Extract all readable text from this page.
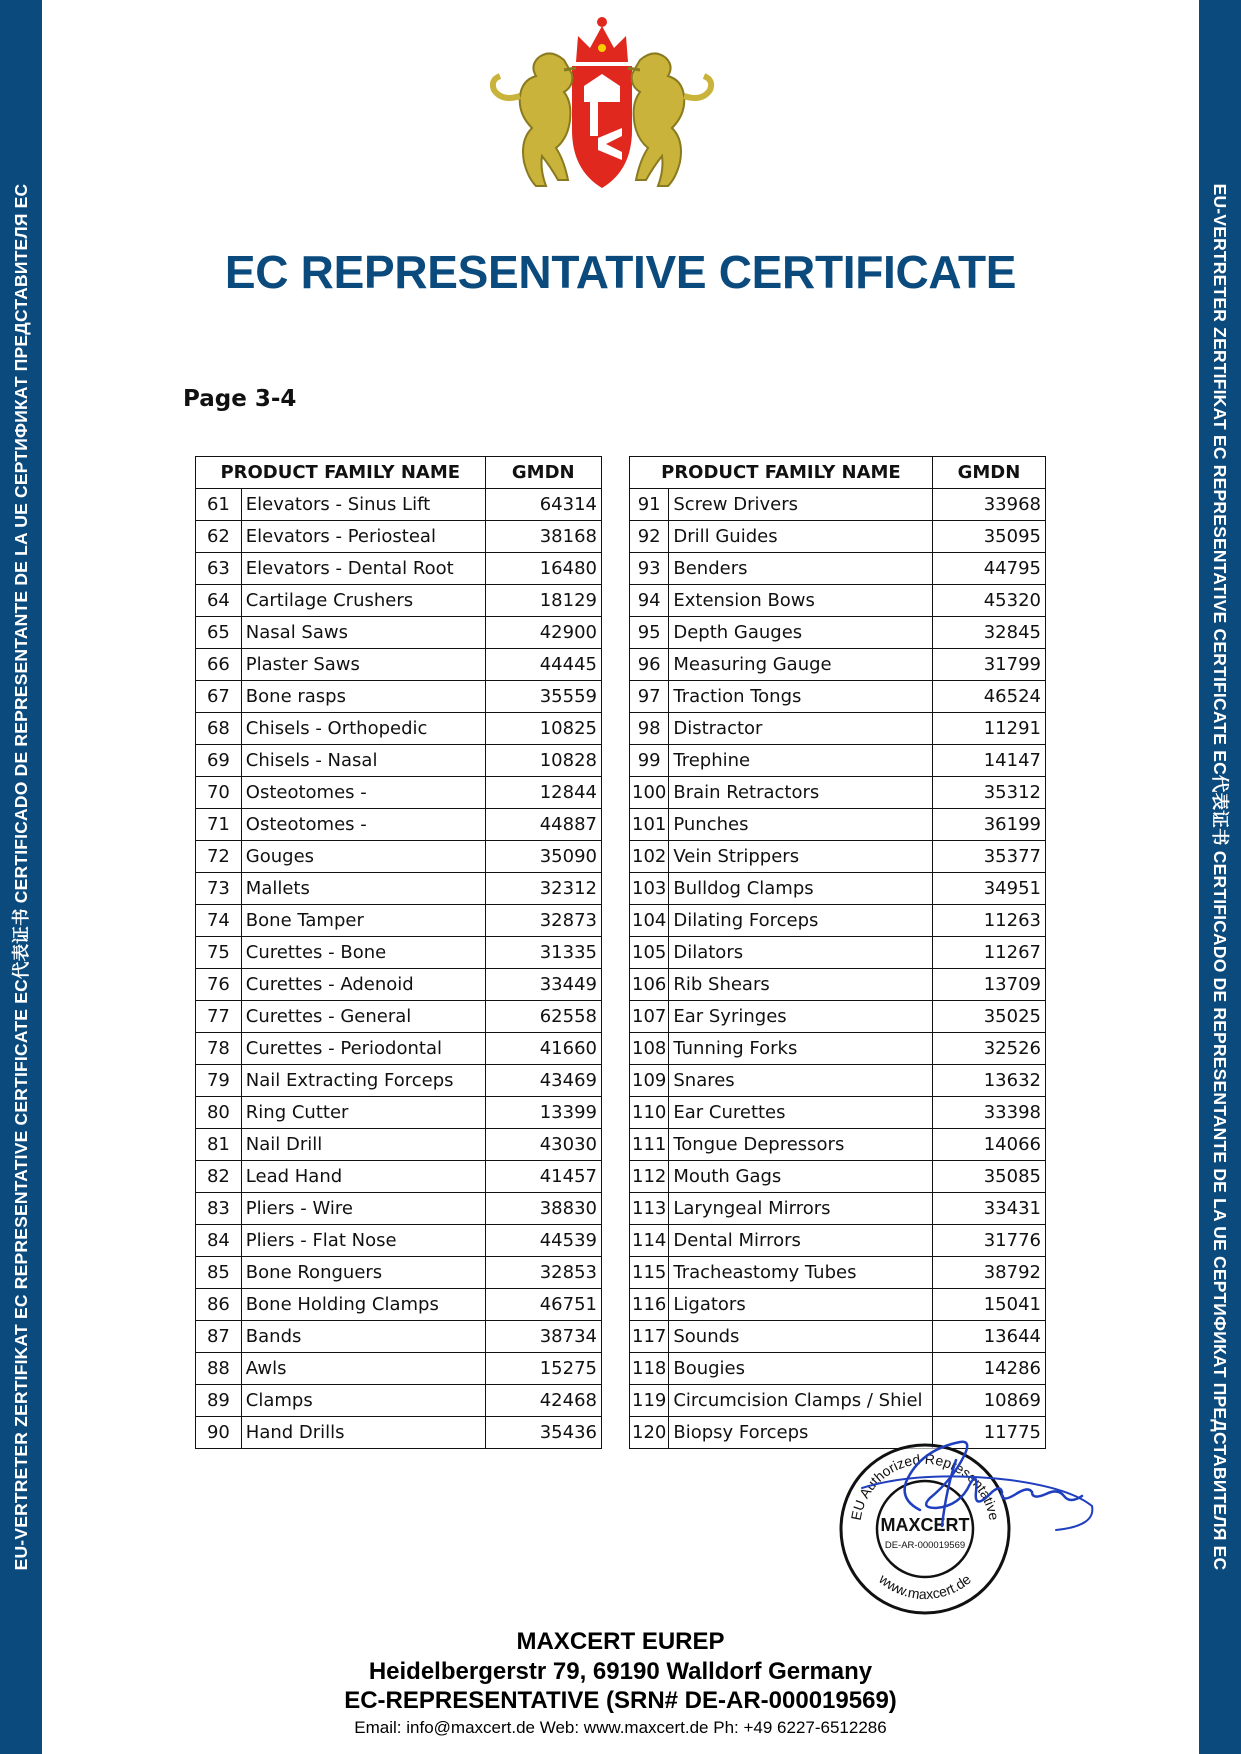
EU-VERTRETER ZERTIFIKAT EC REPRESENTATIVE CERTIFICATE EC代表证书 CERTIFICADO DE REPRESENTANTE DE LA UE СЕРТИФИКАТ ПРЕДСТАВИТЕЛЯ EC	EU-VERTRETER ZERTIFIKAT EC REPRESENTATIVE CERTIFICATE EC代表证书 CERTIFICADO DE REPRESENTANTE DE LA UE СЕРТИФИКАТ ПРЕДСТАВИТЕЛЯ EC
EC REPRESENTATIVE CERTIFICATE
Page 3-4
PRODUCT FAMILY NAME		GMDN
61	Elevators - Sinus Lift	64314
62	Elevators - Periosteal	38168
63	Elevators - Dental Root	16480
64	Cartilage Crushers	18129
65	Nasal Saws	42900
66	Plaster Saws	44445
67	Bone rasps	35559
68	Chisels - Orthopedic	10825
69	Chisels - Nasal	10828
70	Osteotomes -	12844
71	Osteotomes -	44887
72	Gouges	35090
73	Mallets	32312
74	Bone Tamper	32873
75	Curettes - Bone	31335
76	Curettes - Adenoid	33449
77	Curettes - General	62558
78	Curettes - Periodontal	41660
79	Nail Extracting Forceps	43469
80	Ring Cutter	13399
81	Nail Drill	43030
82	Lead Hand	41457
83	Pliers - Wire	38830
84	Pliers - Flat Nose	44539
85	Bone Ronguers	32853
86	Bone Holding Clamps	46751
87	Bands	38734
88	Awls	15275
89	Clamps	42468
90	Hand Drills	35436
PRODUCT FAMILY NAME		GMDN
91	Screw Drivers	33968
92	Drill Guides	35095
93	Benders	44795
94	Extension Bows	45320
95	Depth Gauges	32845
96	Measuring Gauge	31799
97	Traction Tongs	46524
98	Distractor	11291
99	Trephine	14147
100	Brain Retractors	35312
101	Punches	36199
102	Vein Strippers	35377
103	Bulldog Clamps	34951
104	Dilating Forceps	11263
105	Dilators	11267
106	Rib Shears	13709
107	Ear Syringes	35025
108	Tunning Forks	32526
109	Snares	13632
110	Ear Curettes	33398
111	Tongue Depressors	14066
112	Mouth Gags	35085
113	Laryngeal Mirrors	33431
114	Dental Mirrors	31776
115	Tracheastomy Tubes	38792
116	Ligators	15041
117	Sounds	13644
118	Bougies	14286
119	Circumcision Clamps / Shiel	10869
120	Biopsy Forceps	11775
EU Authorized Representative
www.maxcert.de
MAXCERT
DE-AR-000019569
MAXCERT EUREP
Heidelbergerstr 79, 69190 Walldorf Germany
EC-REPRESENTATIVE (SRN# DE-AR-000019569)
Email: info@maxcert.de Web: www.maxcert.de Ph: +49 6227-6512286
